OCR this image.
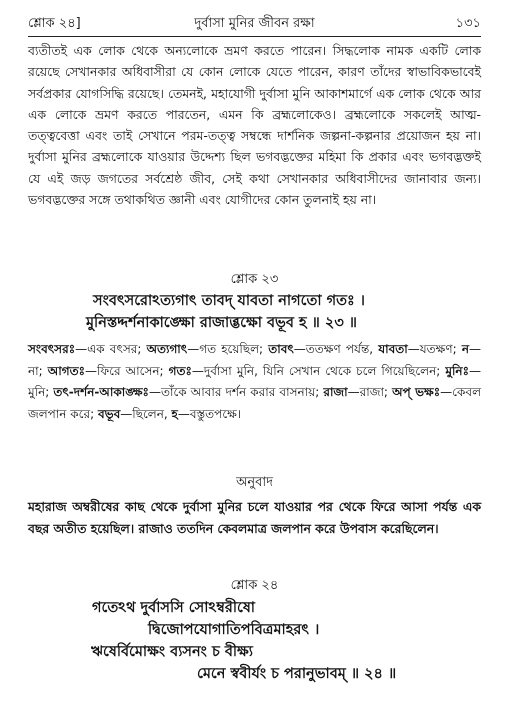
শ্লোক ২৪]	দুর্বাসা মুনির জীবন রক্ষা	১৩১
ব্যতীতই এক লোক থেকে অন্যলোকে ভ্রমণ করতে পারেন। সিদ্ধলোক নামক একটি লোক রয়েছে সেখানকার অধিবাসীরা যে কোন লোকে যেতে পারেন, কারণ তাঁদের স্বাভাবিকভাবেই সর্বপ্রকার যোগসিদ্ধি রয়েছে। তেমনই, মহাযোগী দুর্বাসা মুনি আকাশমার্গে এক লোক থেকে আর এক লোকে ভ্রমণ করতে পারতেন, এমন কি ব্রহ্মলোকেও। ব্রহ্মলোকে সকলেই আত্ম-তত্ত্ববেত্তা এবং তাই সেখানে পরম-তত্ত্ব সম্বন্ধে দার্শনিক জল্পনা-কল্পনার প্রয়োজন হয় না। দুর্বাসা মুনির ব্রহ্মলোকে যাওয়ার উদ্দেশ্য ছিল ভগবদ্ভক্তের মহিমা কি প্রকার এবং ভগবদ্ভক্তই যে এই জড় জগতের সর্বশ্রেষ্ঠ জীব, সেই কথা সেখানকার অধিবাসীদের জানাবার জন্য। ভগবদ্ভক্তের সঙ্গে তথাকথিত জ্ঞানী এবং যোগীদের কোন তুলনাই হয় না।
শ্লোক ২৩
সংবৎসরোঽত্যগাৎ তাবদ্ যাবতা নাগতো গতঃ ।
মুনিস্তদ্দর্শনাকাঙ্ক্ষো রাজাব্ভক্ষো বভূব হ ॥ ২৩ ॥
সংবৎসরঃ—এক বৎসর; অত্যগাৎ—গত হয়েছিল; তাবৎ—ততক্ষণ পর্যন্ত, যাবতা—যতক্ষণ; ন—না; আগতঃ—ফিরে আসেন; গতঃ—দুর্বাসা মুনি, যিনি সেখান থেকে চলে গিয়েছিলেন; মুনিঃ—মুনি; তৎ-দর্শন-আকাঙ্ক্ষঃ—তাঁকে আবার দর্শন করার বাসনায়; রাজা—রাজা; অপ্ ভক্ষঃ—কেবল জলপান করে; বভূব—ছিলেন, হ—বস্তুতপক্ষে।
অনুবাদ
মহারাজ অম্বরীষের কাছ থেকে দুর্বাসা মুনির চলে যাওয়ার পর থেকে ফিরে আসা পর্যন্ত এক বছর অতীত হয়েছিল। রাজাও ততদিন কেবলমাত্র জলপান করে উপবাস করেছিলেন।
শ্লোক ২৪
গতেঽথ দুর্বাসসি সোঽম্বরীষো
দ্বিজোপযোগাতিপবিত্রমাহরৎ ।
ঋষের্বিমোক্ষং ব্যসনং চ বীক্ষ্য
মেনে স্ববীর্যং চ পরানুভাবম্ ॥ ২৪ ॥
